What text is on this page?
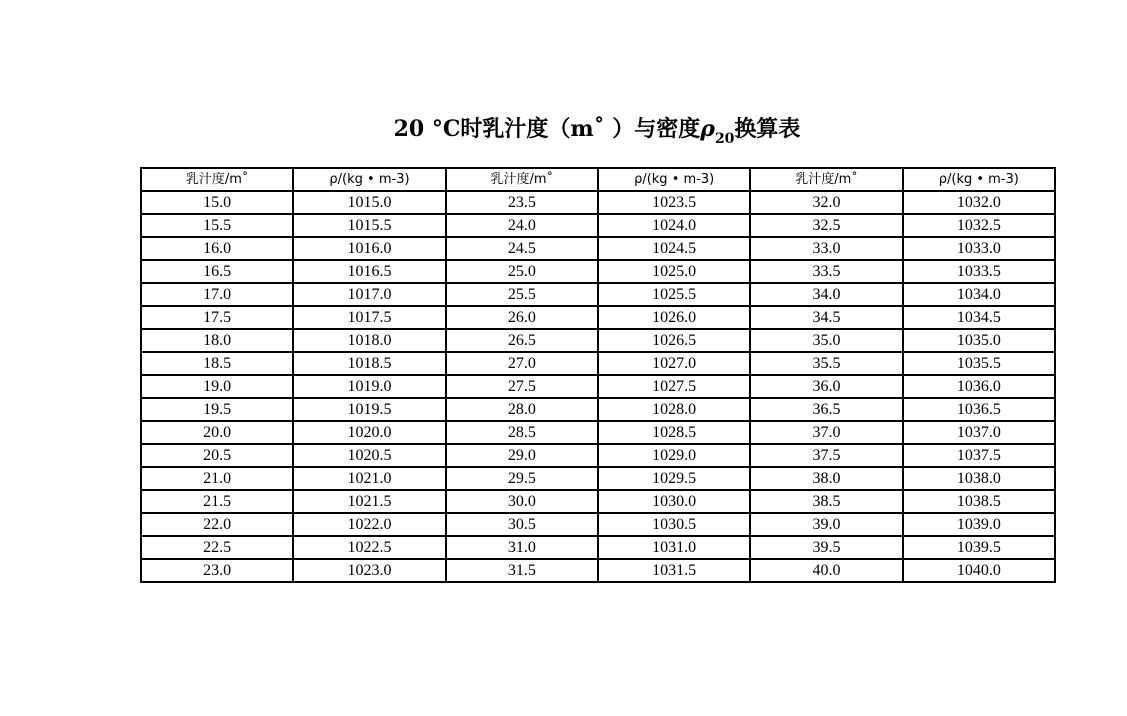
20 °C时乳汁度（m˚ ）与密度$\rho_{20}$换算表
乳汁度/m˚	ρ/(kg • m-3)	乳汁度/m˚	ρ/(kg • m-3)	乳汁度/m˚	ρ/(kg • m-3)
15.0	1015.0	23.5	1023.5	32.0	1032.0
15.5	1015.5	24.0	1024.0	32.5	1032.5
16.0	1016.0	24.5	1024.5	33.0	1033.0
16.5	1016.5	25.0	1025.0	33.5	1033.5
17.0	1017.0	25.5	1025.5	34.0	1034.0
17.5	1017.5	26.0	1026.0	34.5	1034.5
18.0	1018.0	26.5	1026.5	35.0	1035.0
18.5	1018.5	27.0	1027.0	35.5	1035.5
19.0	1019.0	27.5	1027.5	36.0	1036.0
19.5	1019.5	28.0	1028.0	36.5	1036.5
20.0	1020.0	28.5	1028.5	37.0	1037.0
20.5	1020.5	29.0	1029.0	37.5	1037.5
21.0	1021.0	29.5	1029.5	38.0	1038.0
21.5	1021.5	30.0	1030.0	38.5	1038.5
22.0	1022.0	30.5	1030.5	39.0	1039.0
22.5	1022.5	31.0	1031.0	39.5	1039.5
23.0	1023.0	31.5	1031.5	40.0	1040.0
